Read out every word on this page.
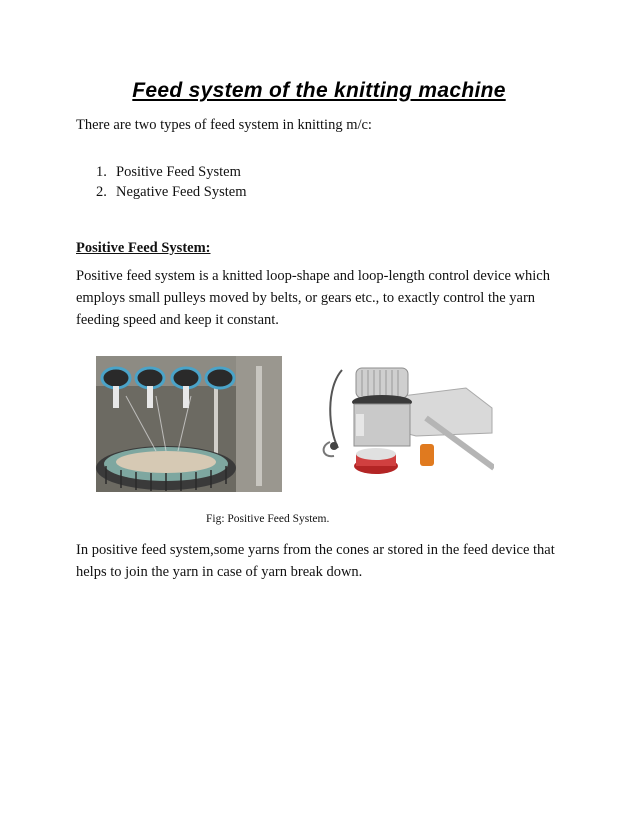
Feed system of the knitting machine
There are two types of feed system in knitting m/c:
1. Positive Feed System
2. Negative Feed System
Positive Feed System:
Positive feed system is a knitted loop-shape and loop-length control device which employs small pulleys moved by belts, or gears etc., to exactly control the yarn feeding speed and keep it constant.
Fig: Positive Feed System.
In positive feed system,some yarns from the cones ar stored in the feed device that helps to join the yarn in case of yarn break down.
